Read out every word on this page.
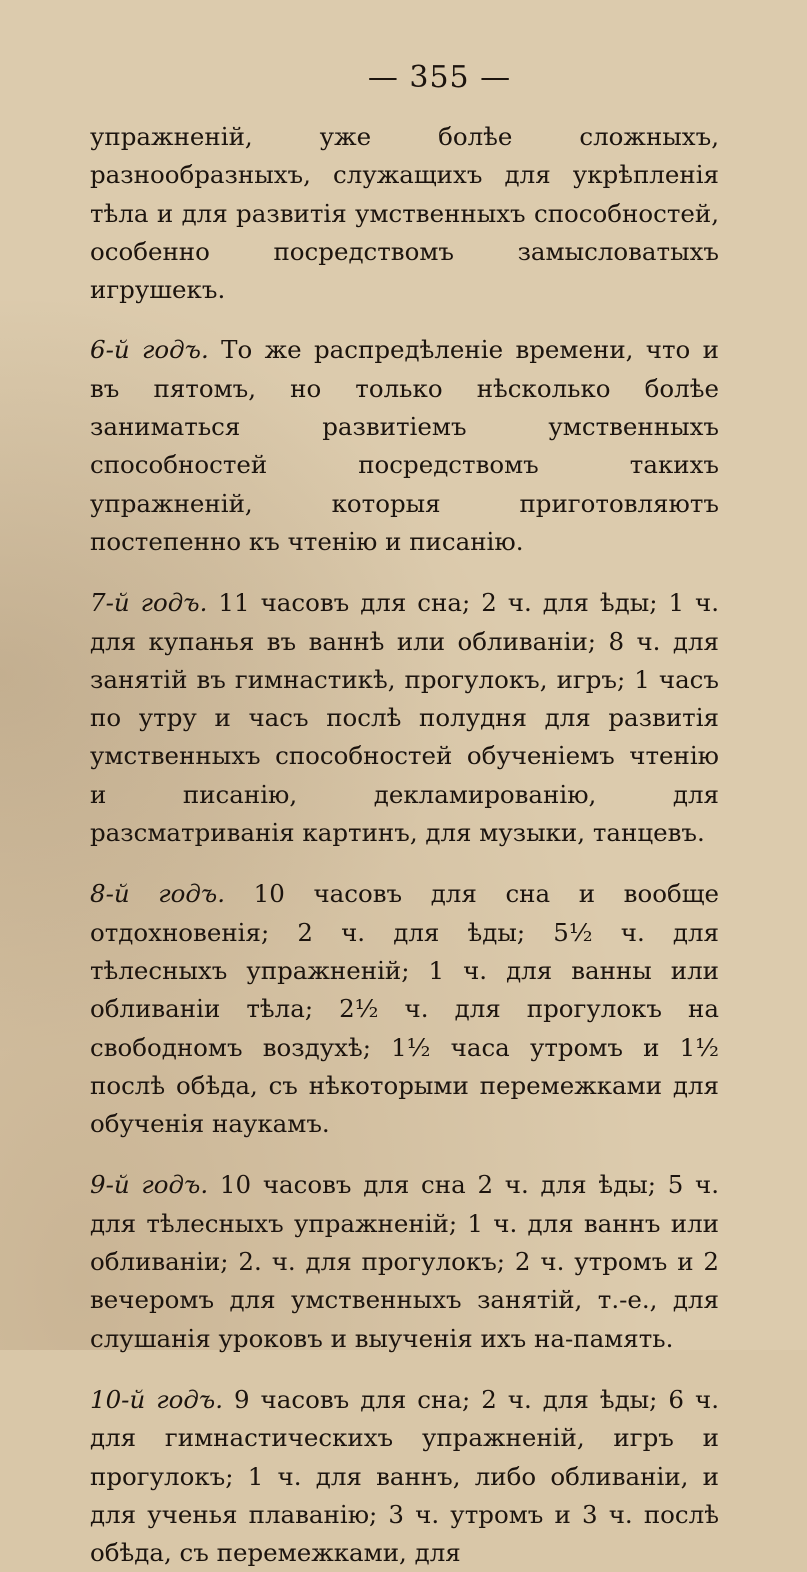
— 355 —

упражненій, уже болѣе сложныхъ, разнообразныхъ, служащихъ для укрѣпленія тѣла и для развитія умственныхъ способностей, особенно посредствомъ замысловатыхъ игрушекъ.

6-й годъ. То же распредѣленіе времени, что и въ пятомъ, но только нѣсколько болѣе заниматься развитіемъ умственныхъ способностей посредствомъ такихъ упражненій, которыя приготовляютъ постепенно къ чтенію и писанію.

7-й годъ. 11 часовъ для сна; 2 ч. для ѣды; 1 ч. для купанья въ ваннѣ или обливаніи; 8 ч. для занятій въ гимнастикѣ, прогулокъ, игръ; 1 часъ по утру и часъ послѣ полудня для развитія умственныхъ способностей обученіемъ чтенію и писанію, декламированію, для разсматриванія картинъ, для музыки, танцевъ.

8-й годъ. 10 часовъ для сна и вообще отдохновенія; 2 ч. для ѣды; 5½ ч. для тѣлесныхъ упражненій; 1 ч. для ванны или обливаніи тѣла; 2½ ч. для прогулокъ на свободномъ воздухѣ; 1½ часа утромъ и 1½ послѣ обѣда, съ нѣкоторыми перемежками для обученія наукамъ.

9-й годъ. 10 часовъ для сна 2 ч. для ѣды; 5 ч. для тѣлесныхъ упражненій; 1 ч. для ваннъ или обливаніи; 2. ч. для прогулокъ; 2 ч. утромъ и 2 вечеромъ для умственныхъ занятій, т.-е., для слушанія уроковъ и выученія ихъ на-память.

10-й годъ. 9 часовъ для сна; 2 ч. для ѣды; 6 ч. для гимнастическихъ упражненій, игръ и прогулокъ; 1 ч. для ваннъ, либо обливаніи, и для ученья плаванію; 3 ч. утромъ и 3 ч. послѣ обѣда, съ перемежками, для
